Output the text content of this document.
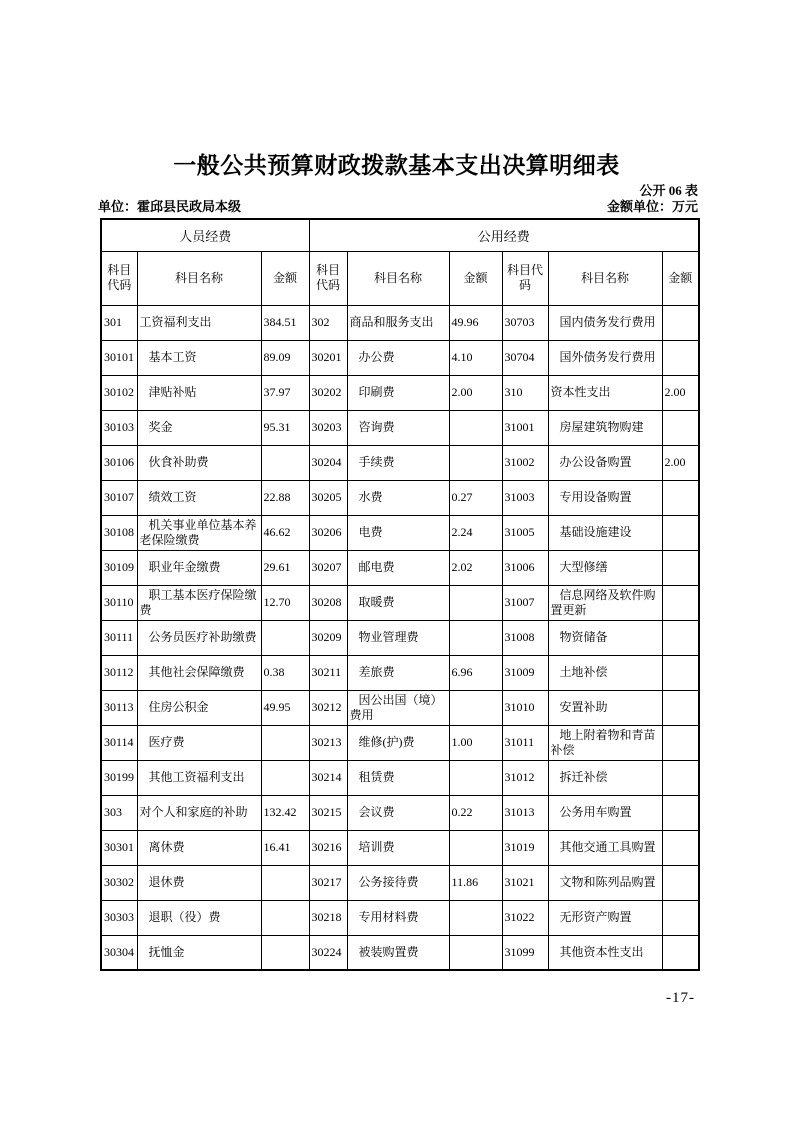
一般公共预算财政拨款基本支出决算明细表
公开 06 表
单位：霍邱县民政局本级	金额单位：万元
人员经费			公用经费					
科目代码	科目名称	金额	科目代码	科目名称	金额	科目代码	科目名称	金额
301	工资福利支出	384.51	302	商品和服务支出	49.96	30703	国内债务发行费用	
30101	基本工资	89.09	30201	办公费	4.10	30704	国外债务发行费用	
30102	津贴补贴	37.97	30202	印刷费	2.00	310	资本性支出	2.00
30103	奖金	95.31	30203	咨询费		31001	房屋建筑物购建	
30106	伙食补助费		30204	手续费		31002	办公设备购置	2.00
30107	绩效工资	22.88	30205	水费	0.27	31003	专用设备购置	
30108	机关事业单位基本养老保险缴费	46.62	30206	电费	2.24	31005	基础设施建设	
30109	职业年金缴费	29.61	30207	邮电费	2.02	31006	大型修缮	
30110	职工基本医疗保险缴费	12.70	30208	取暖费		31007	信息网络及软件购置更新	
30111	公务员医疗补助缴费		30209	物业管理费		31008	物资储备	
30112	其他社会保障缴费	0.38	30211	差旅费	6.96	31009	土地补偿	
30113	住房公积金	49.95	30212	因公出国（境）费用		31010	安置补助	
30114	医疗费		30213	维修(护)费	1.00	31011	地上附着物和青苗补偿	
30199	其他工资福利支出		30214	租赁费		31012	拆迁补偿	
303	对个人和家庭的补助	132.42	30215	会议费	0.22	31013	公务用车购置	
30301	离休费	16.41	30216	培训费		31019	其他交通工具购置	
30302	退休费		30217	公务接待费	11.86	31021	文物和陈列品购置	
30303	退职（役）费		30218	专用材料费		31022	无形资产购置	
30304	抚恤金		30224	被装购置费		31099	其他资本性支出	
-17-
